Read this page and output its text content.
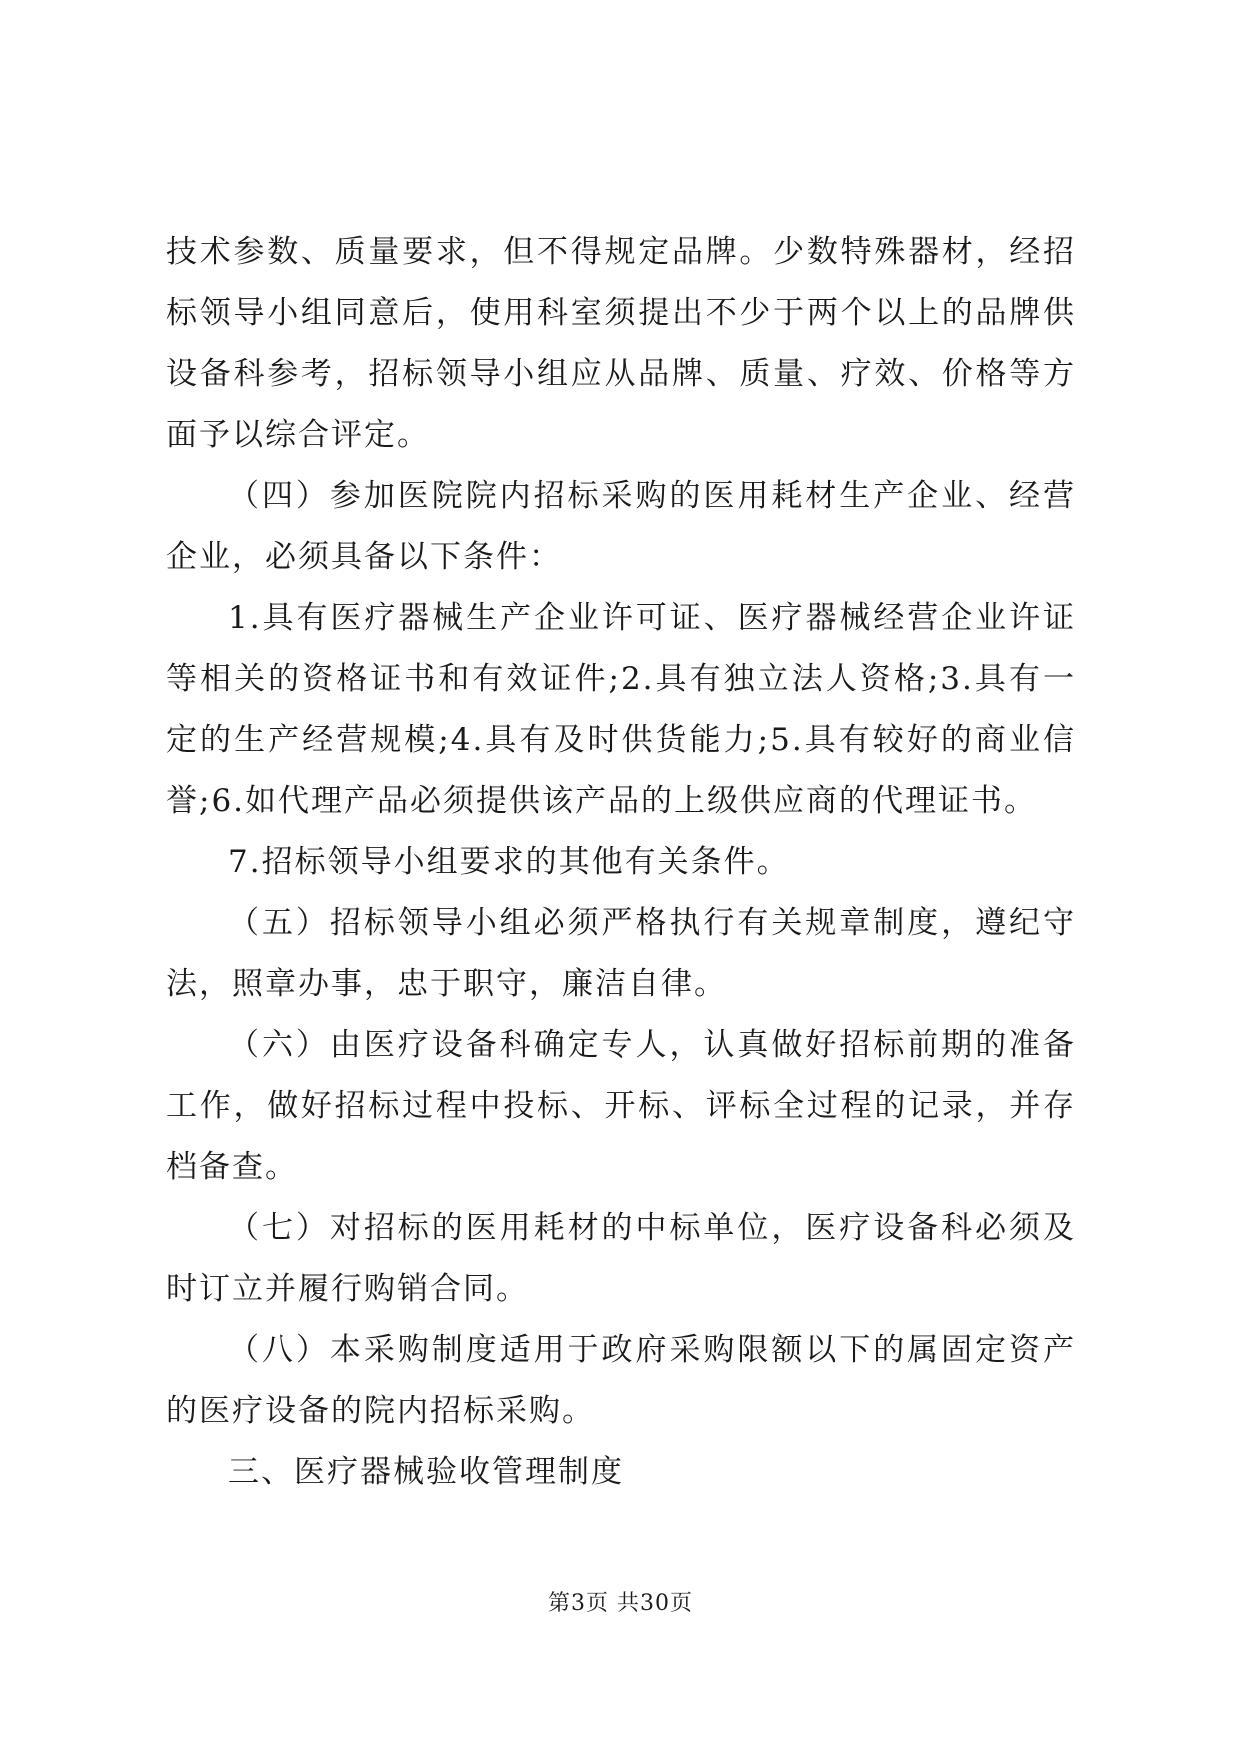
技术参数、质量要求，但不得规定品牌。少数特殊器材，经招标领导小组同意后，使用科室须提出不少于两个以上的品牌供设备科参考，招标领导小组应从品牌、质量、疗效、价格等方面予以综合评定。

（四）参加医院院内招标采购的医用耗材生产企业、经营企业，必须具备以下条件：

1.具有医疗器械生产企业许可证、医疗器械经营企业许证等相关的资格证书和有效证件;2.具有独立法人资格;3.具有一定的生产经营规模;4.具有及时供货能力;5.具有较好的商业信誉;6.如代理产品必须提供该产品的上级供应商的代理证书。

7.招标领导小组要求的其他有关条件。

（五）招标领导小组必须严格执行有关规章制度，遵纪守法，照章办事，忠于职守，廉洁自律。

（六）由医疗设备科确定专人，认真做好招标前期的准备工作，做好招标过程中投标、开标、评标全过程的记录，并存档备查。

（七）对招标的医用耗材的中标单位，医疗设备科必须及时订立并履行购销合同。

（八）本采购制度适用于政府采购限额以下的属固定资产的医疗设备的院内招标采购。

三、医疗器械验收管理制度

第3页 共30页
